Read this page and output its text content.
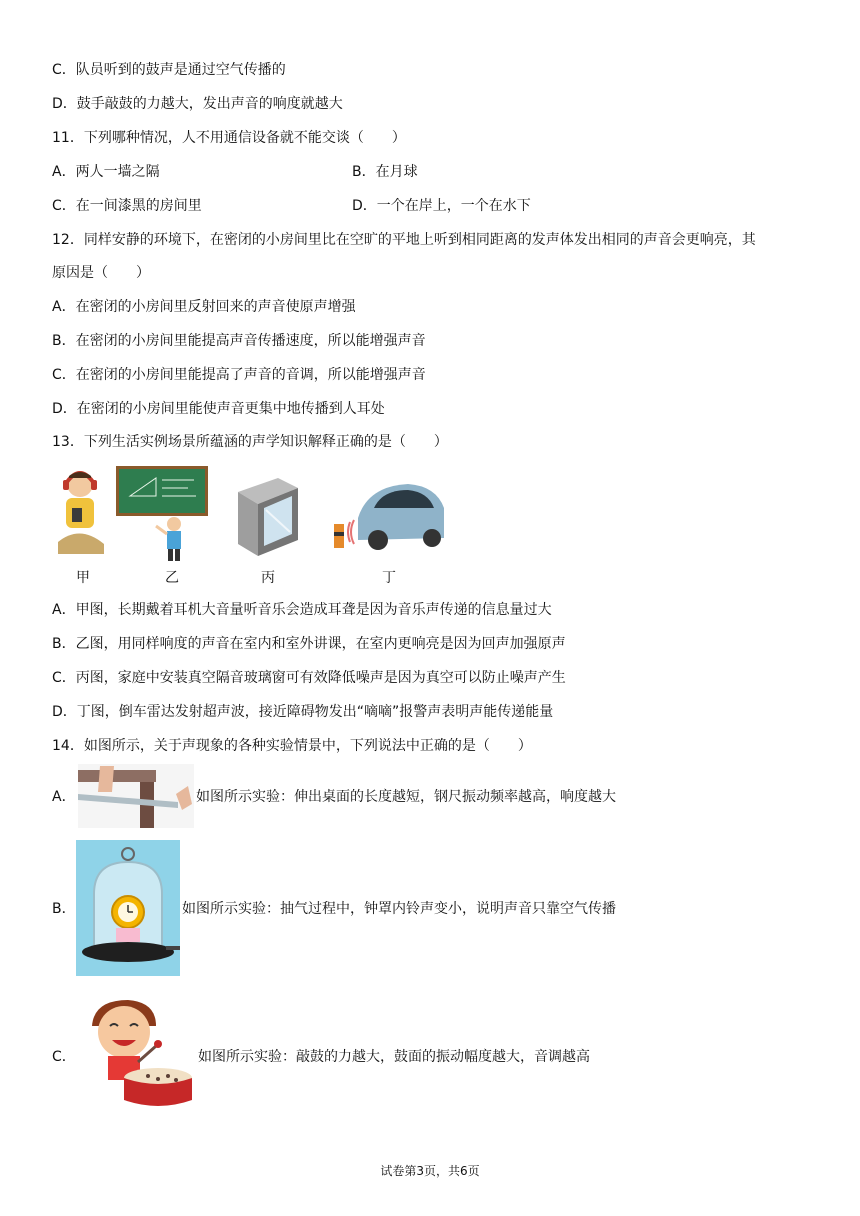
C．队员听到的鼓声是通过空气传播的
D．鼓手敲鼓的力越大，发出声音的响度就越大
11．下列哪种情况，人不用通信设备就不能交谈（　　）
A．两人一墙之隔	B．在月球
C．在一间漆黑的房间里	D．一个在岸上，一个在水下
12．同样安静的环境下，在密闭的小房间里比在空旷的平地上听到相同距离的发声体发出相同的声音会更响亮，其
原因是（　　）
A．在密闭的小房间里反射回来的声音使原声增强
B．在密闭的小房间里能提高声音传播速度，所以能增强声音
C．在密闭的小房间里能提高了声音的音调，所以能增强声音
D．在密闭的小房间里能使声音更集中地传播到人耳处
13．下列生活实例场景所蕴涵的声学知识解释正确的是（　　）
甲	乙	丙	丁
A．甲图，长期戴着耳机大音量听音乐会造成耳聋是因为音乐声传递的信息量过大
B．乙图，用同样响度的声音在室内和室外讲课，在室内更响亮是因为回声加强原声
C．丙图，家庭中安装真空隔音玻璃窗可有效降低噪声是因为真空可以防止噪声产生
D．丁图，倒车雷达发射超声波，接近障碍物发出“嘀嘀”报警声表明声能传递能量
14．如图所示，关于声现象的各种实验情景中，下列说法中正确的是（　　）
A．	如图所示实验：伸出桌面的长度越短，钢尺振动频率越高，响度越大
B．	如图所示实验：抽气过程中，钟罩内铃声变小，说明声音只靠空气传播
C．	如图所示实验：敲鼓的力越大，鼓面的振动幅度越大，音调越高
试卷第3页，共6页
